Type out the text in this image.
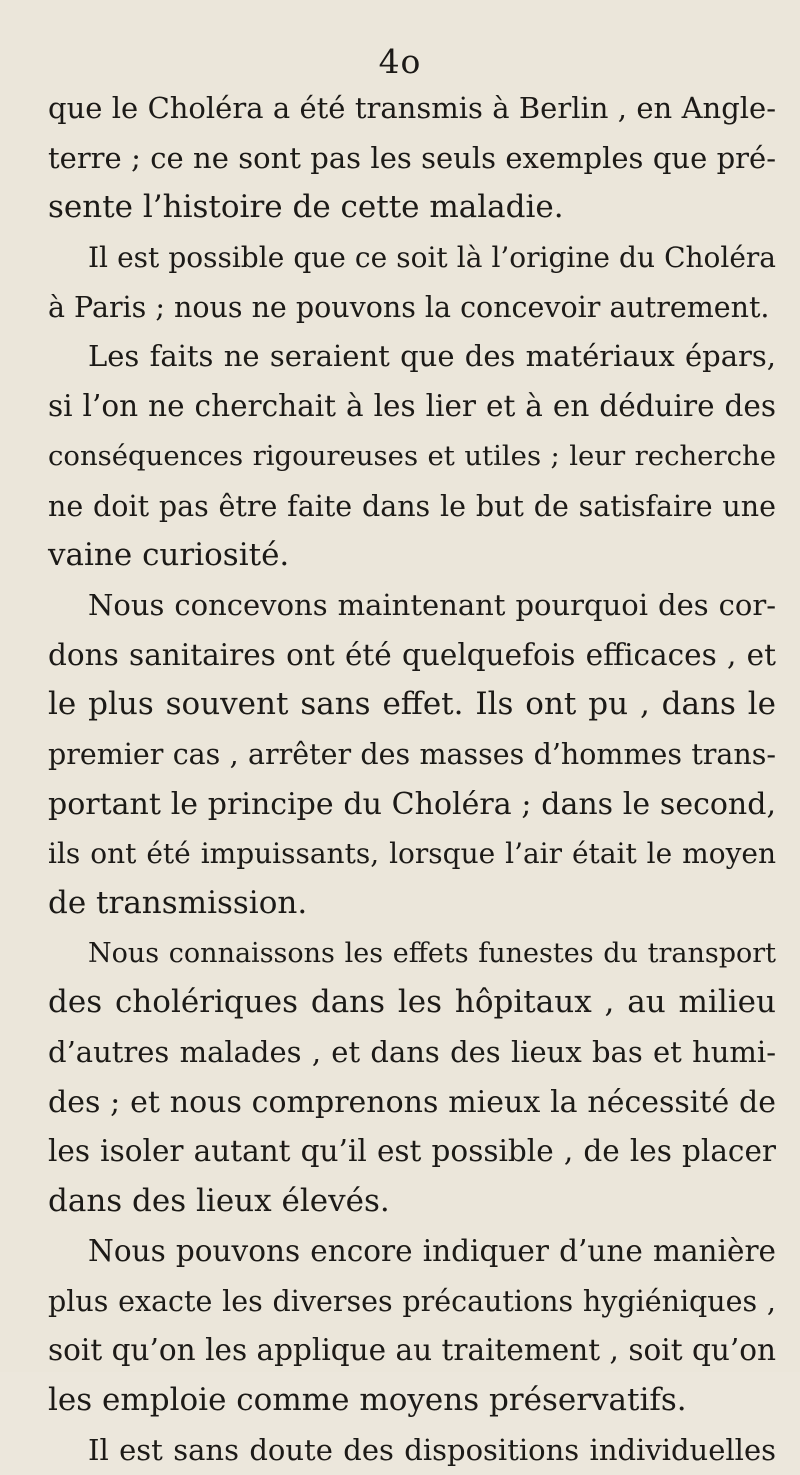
4o
que le Choléra a été transmis à Berlin , en Angle-
terre ; ce ne sont pas les seuls exemples que pré-
sente l’histoire de cette maladie.
Il est possible que ce soit là l’origine du Choléra
à Paris ; nous ne pouvons la concevoir autrement.
Les faits ne seraient que des matériaux épars,
si l’on ne cherchait à les lier et à en déduire des
conséquences rigoureuses et utiles ; leur recherche
ne doit pas être faite dans le but de satisfaire une
vaine curiosité.
Nous concevons maintenant pourquoi des cor-
dons sanitaires ont été quelquefois efficaces , et
le plus souvent sans effet. Ils ont pu , dans le
premier cas , arrêter des masses d’hommes trans-
portant le principe du Choléra ; dans le second,
ils ont été impuissants, lorsque l’air était le moyen
de transmission.
Nous connaissons les effets funestes du transport
des cholériques dans les hôpitaux , au milieu
d’autres malades , et dans des lieux bas et humi-
des ; et nous comprenons mieux la nécessité de
les isoler autant qu’il est possible , de les placer
dans des lieux élevés.
Nous pouvons encore indiquer d’une manière
plus exacte les diverses précautions hygiéniques ,
soit qu’on les applique au traitement , soit qu’on
les emploie comme moyens préservatifs.
Il est sans doute des dispositions individuelles
